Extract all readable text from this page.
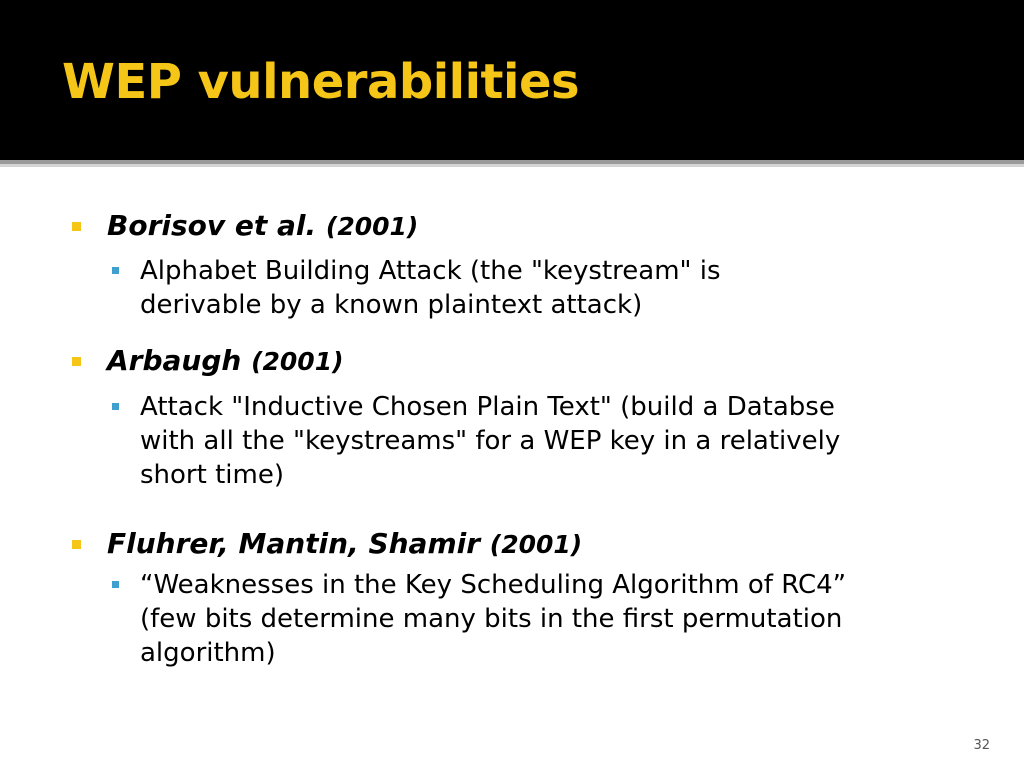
WEP vulnerabilities
Borisov et al. (2001)
Alphabet Building Attack (the "keystream" is
derivable by a known plaintext attack)
Arbaugh (2001)
Attack "Inductive Chosen Plain Text" (build a Databse
with all the "keystreams" for a WEP key in a relatively
short time)
Fluhrer, Mantin, Shamir (2001)
“Weaknesses in the Key Scheduling Algorithm of RC4”
(few bits determine many bits in the first permutation
algorithm)
32
